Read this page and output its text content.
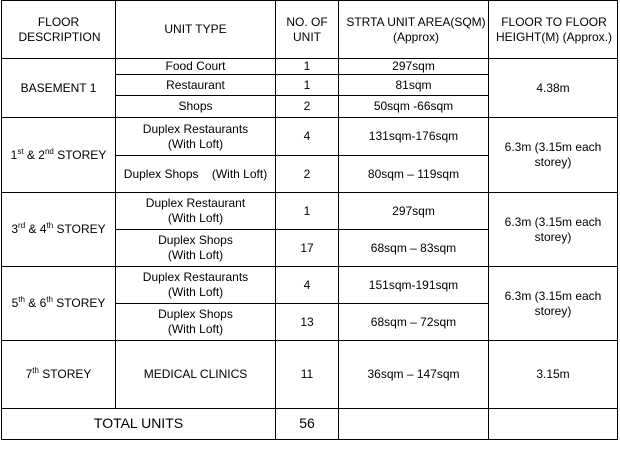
FLOOR DESCRIPTION	UNIT TYPE	NO. OF UNIT	STRTA UNIT AREA(SQM) (Approx)	FLOOR TO FLOOR HEIGHT(M) (Approx.)
BASEMENT 1	Food Court	1	297sqm	4.38m
	Restaurant	1	81sqm	
	Shops	2	50sqm -66sqm	
1st & 2nd STOREY	Duplex Restaurants (With Loft)	4	131sqm-176sqm	6.3m (3.15m each storey)
	Duplex Shops    (With Loft)	2	80sqm – 119sqm	
3rd & 4th STOREY	Duplex Restaurant (With Loft)	1	297sqm	6.3m (3.15m each storey)
	Duplex Shops (With Loft)	17	68sqm – 83sqm	
5th & 6th STOREY	Duplex Restaurants (With Loft)	4	151sqm-191sqm	6.3m (3.15m each storey)
	Duplex Shops (With Loft)	13	68sqm – 72sqm	
7th STOREY	MEDICAL CLINICS	11	36sqm – 147sqm	3.15m
TOTAL UNITS		56		
